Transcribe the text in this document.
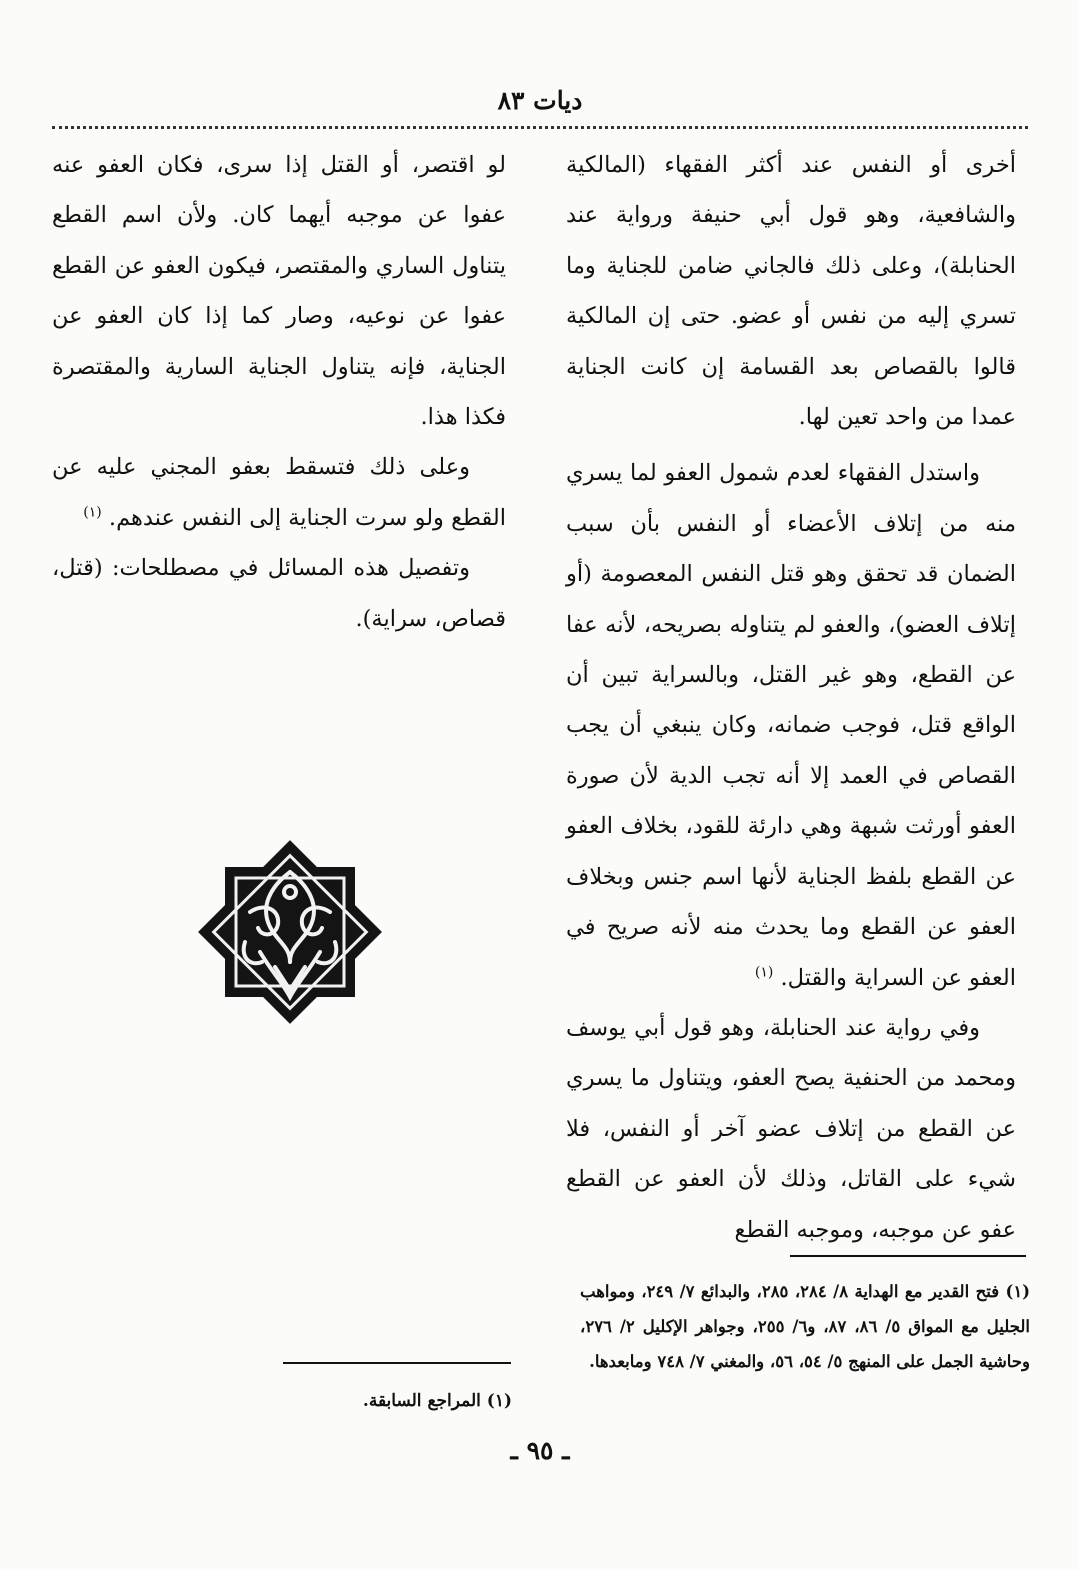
ديات ٨٣

أخرى أو النفس عند أكثر الفقهاء (المالكية والشافعية، وهو قول أبي حنيفة ورواية عند الحنابلة)، وعلى ذلك فالجاني ضامن للجناية وما تسري إليه من نفس أو عضو. حتى إن المالكية قالوا بالقصاص بعد القسامة إن كانت الجناية عمدا من واحد تعين لها.

واستدل الفقهاء لعدم شمول العفو لما يسري منه من إتلاف الأعضاء أو النفس بأن سبب الضمان قد تحقق وهو قتل النفس المعصومة (أو إتلاف العضو)، والعفو لم يتناوله بصريحه، لأنه عفا عن القطع، وهو غير القتل، وبالسراية تبين أن الواقع قتل، فوجب ضمانه، وكان ينبغي أن يجب القصاص في العمد إلا أنه تجب الدية لأن صورة العفو أورثت شبهة وهي دارئة للقود، بخلاف العفو عن القطع بلفظ الجناية لأنها اسم جنس وبخلاف العفو عن القطع وما يحدث منه لأنه صريح في العفو عن السراية والقتل. $^{(١)}$

وفي رواية عند الحنابلة، وهو قول أبي يوسف ومحمد من الحنفية يصح العفو، ويتناول ما يسري عن القطع من إتلاف عضو آخر أو النفس، فلا شيء على القاتل، وذلك لأن العفو عن القطع عفو عن موجبه، وموجبه القطع

لو اقتصر، أو القتل إذا سرى، فكان العفو عنه عفوا عن موجبه أيهما كان. ولأن اسم القطع يتناول الساري والمقتصر، فيكون العفو عن القطع عفوا عن نوعيه، وصار كما إذا كان العفو عن الجناية، فإنه يتناول الجناية السارية والمقتصرة فكذا هذا.

وعلى ذلك فتسقط بعفو المجني عليه عن القطع ولو سرت الجناية إلى النفس عندهم. $^{(١)}$

وتفصيل هذه المسائل في مصطلحات: (قتل، قصاص، سراية).

(١) فتح القدير مع الهداية ٨/ ٢٨٤، ٢٨٥، والبدائع ٧/ ٢٤٩، ومواهب الجليل مع المواق ٥/ ٨٦، ٨٧، و٦/ ٢٥٥، وجواهر الإكليل ٢/ ٢٧٦، وحاشية الجمل على المنهج ٥/ ٥٤، ٥٦، والمغني ٧/ ٧٤٨ ومابعدها.
(١) المراجع السابقة.
ـ ٩٥ ـ
